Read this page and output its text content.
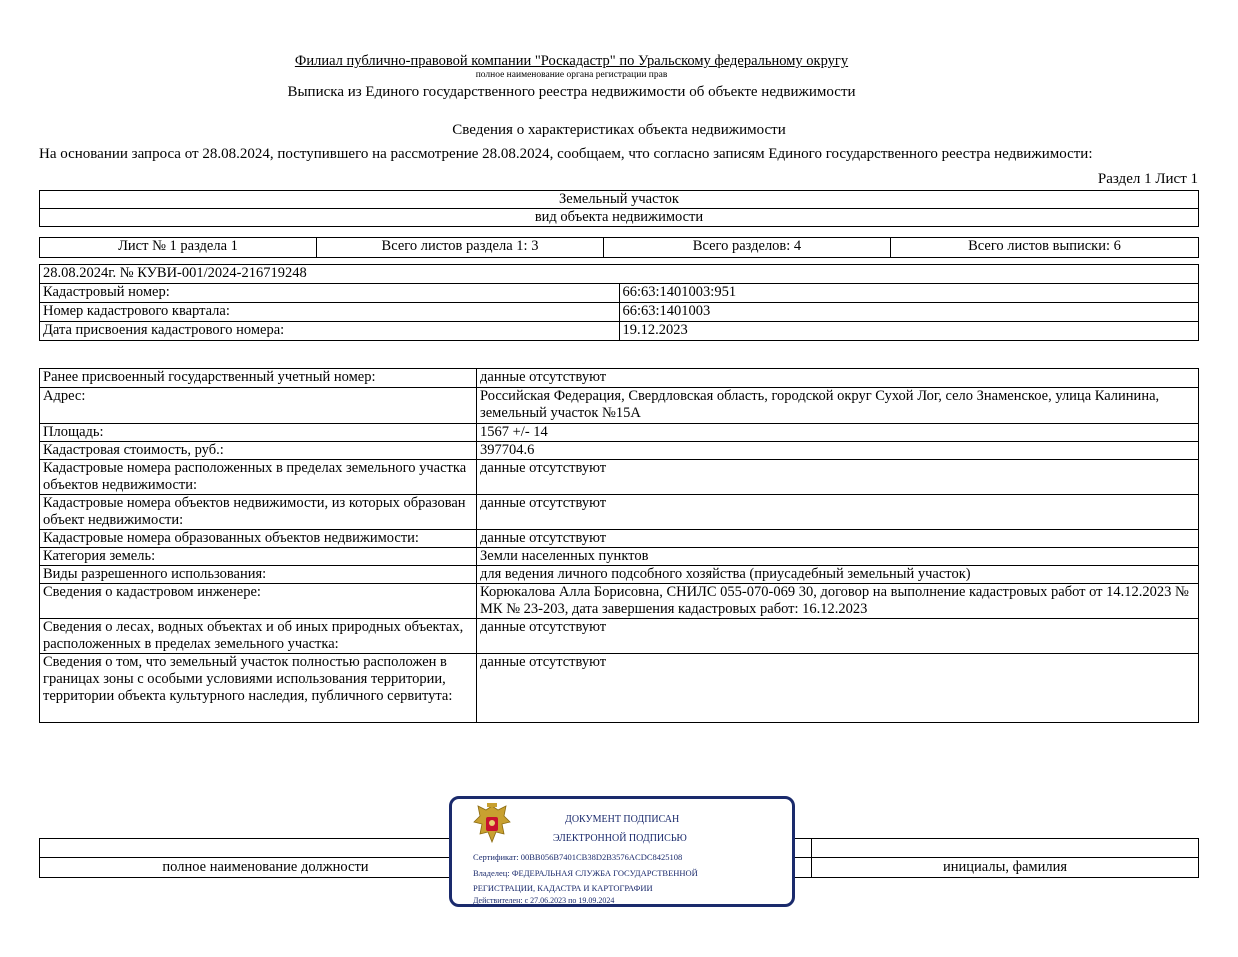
Филиал публично-правовой компании "Роскадастр" по Уральскому федеральному округу
полное наименование органа регистрации прав
Выписка из Единого государственного реестра недвижимости об объекте недвижимости
Сведения о характеристиках объекта недвижимости
На основании запроса от 28.08.2024, поступившего на рассмотрение 28.08.2024, сообщаем, что согласно записям Единого государственного реестра недвижимости:
Раздел 1 Лист 1
Земельный участок
вид объекта недвижимости
Лист № 1 раздела 1	Всего листов раздела 1: 3	Всего разделов: 4	Всего листов выписки: 6
28.08.2024г. № КУВИ-001/2024-216719248	
Кадастровый номер:	66:63:1401003:951
Номер кадастрового квартала:	66:63:1401003
Дата присвоения кадастрового номера:	19.12.2023
Ранее присвоенный государственный учетный номер:	данные отсутствуют
Адрес:	Российская Федерация, Свердловская область, городской округ Сухой Лог, село Знаменское, улица Калинина, земельный участок №15А
Площадь:	1567 +/- 14
Кадастровая стоимость, руб.:	397704.6
Кадастровые номера расположенных в пределах земельного участка объектов недвижимости:	данные отсутствуют
Кадастровые номера объектов недвижимости, из которых образован объект недвижимости:	данные отсутствуют
Кадастровые номера образованных объектов недвижимости:	данные отсутствуют
Категория земель:	Земли населенных пунктов
Виды разрешенного использования:	для ведения личного подсобного хозяйства (приусадебный земельный участок)
Сведения о кадастровом инженере:	Корюкалова Алла Борисовна, СНИЛС 055-070-069 30, договор на выполнение кадастровых работ от 14.12.2023 № МК № 23-203, дата завершения кадастровых работ: 16.12.2023
Сведения о лесах, водных объектах и об иных природных объектах, расположенных в пределах земельного участка:	данные отсутствуют
Сведения о том, что земельный участок полностью расположен в границах зоны с особыми условиями использования территории, территории объекта культурного наследия, публичного сервитута:	данные отсутствуют

полное наименование должности		инициалы, фамилия
ДОКУМЕНТ ПОДПИСАН
ЭЛЕКТРОННОЙ ПОДПИСЬЮ
Сертификат: 00BB056B7401CB38D2B3576ACDC8425108
Владелец: ФЕДЕРАЛЬНАЯ СЛУЖБА ГОСУДАРСТВЕННОЙ
РЕГИСТРАЦИИ, КАДАСТРА И КАРТОГРАФИИ
Действителен: с 27.06.2023 по 19.09.2024
